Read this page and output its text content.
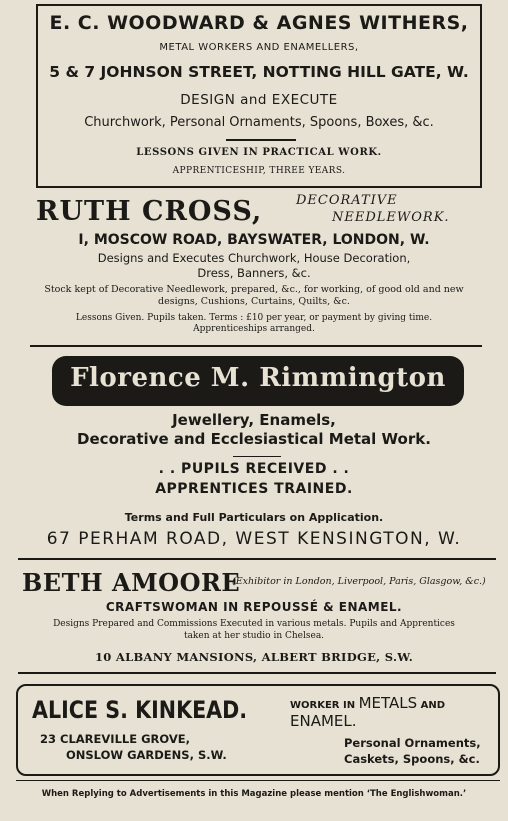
E. C. WOODWARD & AGNES WITHERS,
METAL WORKERS AND ENAMELLERS,
5 & 7 JOHNSON STREET, NOTTING HILL GATE, W.
DESIGN and EXECUTE
Churchwork, Personal Ornaments, Spoons, Boxes, &c.
LESSONS GIVEN IN PRACTICAL WORK.
APPRENTICESHIP, THREE YEARS.
RUTH CROSS,	DECORATIVE
NEEDLEWORK.
I, MOSCOW ROAD, BAYSWATER, LONDON, W.
Designs and Executes Churchwork, House Decoration,
Dress, Banners, &c.
Stock kept of Decorative Needlework, prepared, &c., for working, of good old and new
designs, Cushions, Curtains, Quilts, &c.
Lessons Given. Pupils taken. Terms : £10 per year, or payment by giving time.
Apprenticeships arranged.
Florence M. Rimmington
Jewellery, Enamels,
Decorative and Ecclesiastical Metal Work.
. . PUPILS RECEIVED . .
APPRENTICES TRAINED.
Terms and Full Particulars on Application.
67 PERHAM ROAD, WEST KENSINGTON, W.
BETH AMOORE
(Exhibitor in London, Liverpool, Paris, Glasgow, &c.)
CRAFTSWOMAN IN REPOUSSÉ & ENAMEL.
Designs Prepared and Commissions Executed in various metals. Pupils and Apprentices
taken at her studio in Chelsea.
10 ALBANY MANSIONS, ALBERT BRIDGE, S.W.
ALICE S. KINKEAD.	WORKER IN METALS AND
ENAMEL.
23 CLAREVILLE GROVE,
ONSLOW GARDENS, S.W.
Personal Ornaments,
Caskets, Spoons, &c.
When Replying to Advertisements in this Magazine please mention ‘The Englishwoman.’
